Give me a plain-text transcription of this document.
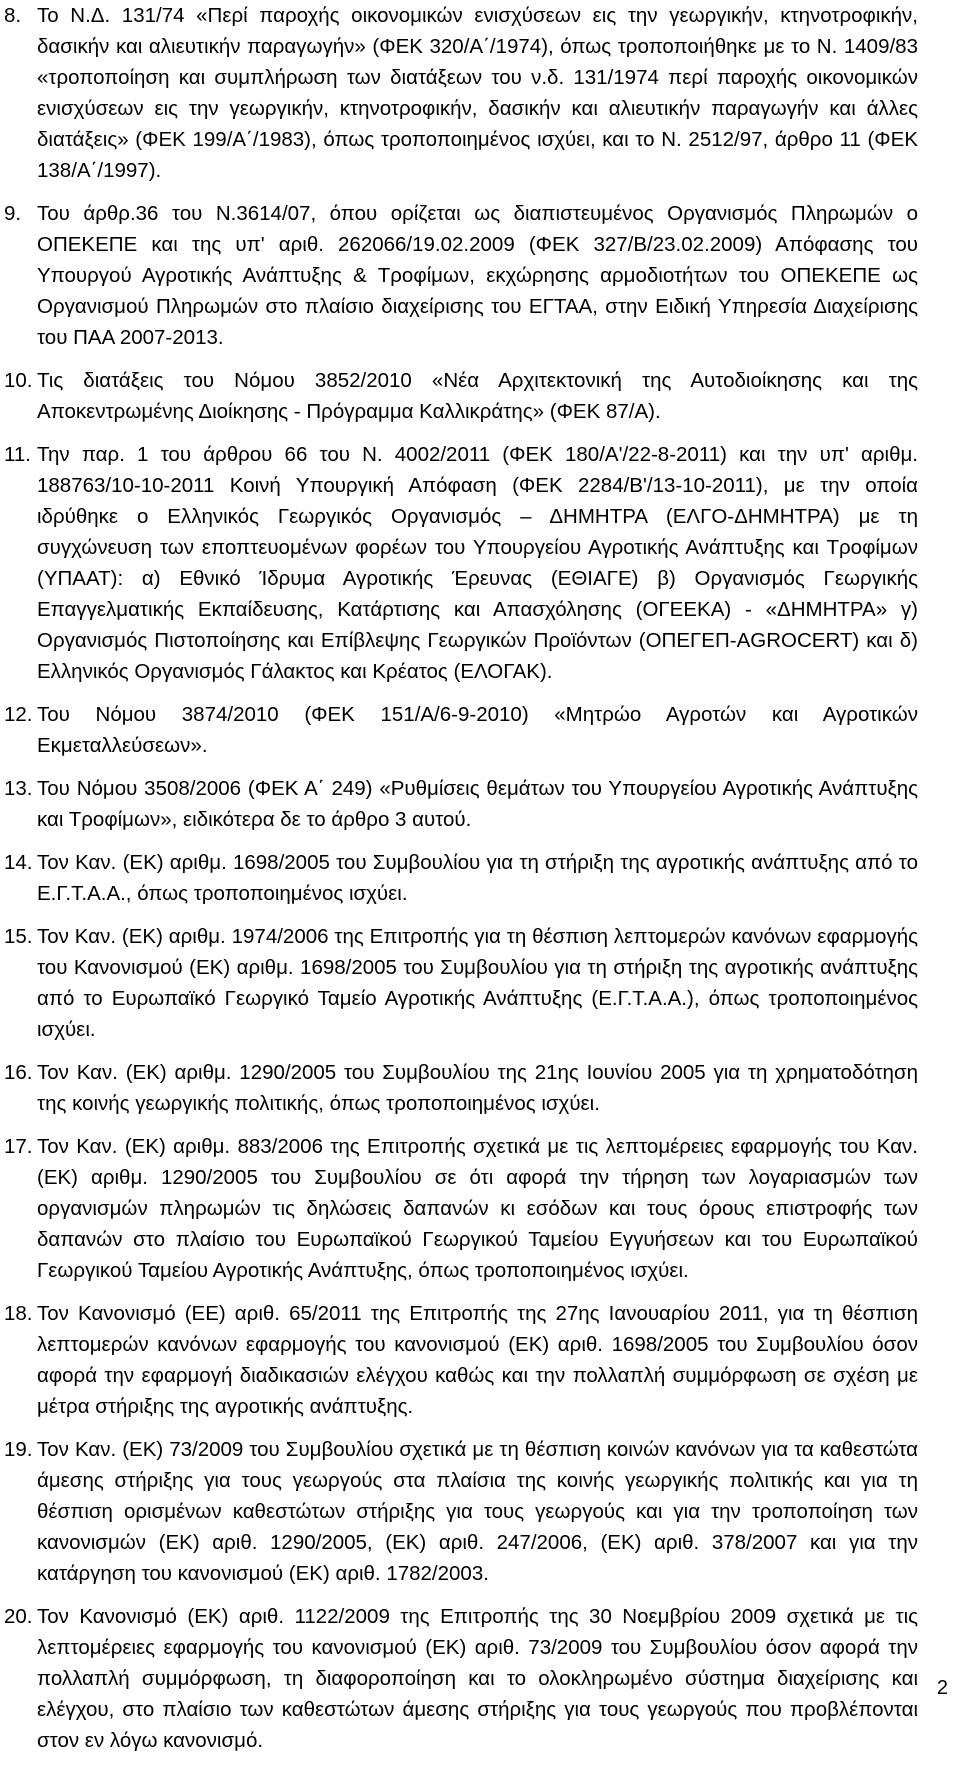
8. Το Ν.Δ. 131/74 «Περί παροχής οικονομικών ενισχύσεων εις την γεωργικήν, κτηνοτροφικήν, δασικήν και αλιευτικήν παραγωγήν» (ΦΕΚ 320/Α΄/1974), όπως τροποποιήθηκε με το Ν. 1409/83 «τροποποίηση και συμπλήρωση των διατάξεων του ν.δ. 131/1974 περί παροχής οικονομικών ενισχύσεων εις την γεωργικήν, κτηνοτροφικήν, δασικήν και αλιευτικήν παραγωγήν και άλλες διατάξεις» (ΦΕΚ 199/Α΄/1983), όπως τροποποιημένος ισχύει, και το Ν. 2512/97, άρθρο 11 (ΦΕΚ 138/Α΄/1997).
9. Του άρθρ.36 του Ν.3614/07, όπου ορίζεται ως διαπιστευμένος Οργανισμός Πληρωμών ο ΟΠΕΚΕΠΕ και της υπ' αριθ. 262066/19.02.2009 (ΦΕΚ 327/Β/23.02.2009) Απόφασης του Υπουργού Αγροτικής Ανάπτυξης & Τροφίμων, εκχώρησης αρμοδιοτήτων του ΟΠΕΚΕΠΕ ως Οργανισμού Πληρωμών στο πλαίσιο διαχείρισης του ΕΓΤΑΑ, στην Ειδική Υπηρεσία Διαχείρισης του ΠΑΑ 2007-2013.
10. Τις διατάξεις του Νόμου 3852/2010 «Νέα Αρχιτεκτονική της Αυτοδιοίκησης και της Αποκεντρωμένης Διοίκησης - Πρόγραμμα Καλλικράτης» (ΦΕΚ 87/Α).
11. Την παρ. 1 του άρθρου 66 του Ν. 4002/2011 (ΦΕΚ 180/Α'/22-8-2011) και την υπ' αριθμ. 188763/10-10-2011 Κοινή Υπουργική Απόφαση (ΦΕΚ 2284/Β'/13-10-2011), με την οποία ιδρύθηκε ο Ελληνικός Γεωργικός Οργανισμός – ΔΗΜΗΤΡΑ (ΕΛΓΟ-ΔΗΜΗΤΡΑ) με τη συγχώνευση των εποπτευομένων φορέων του Υπουργείου Αγροτικής Ανάπτυξης και Τροφίμων (ΥΠΑΑΤ): α) Εθνικό Ίδρυμα Αγροτικής Έρευνας (ΕΘΙΑΓΕ) β) Οργανισμός Γεωργικής Επαγγελματικής Εκπαίδευσης, Κατάρτισης και Απασχόλησης (ΟΓΕΕΚΑ) - «ΔΗΜΗΤΡΑ» γ) Οργανισμός Πιστοποίησης και Επίβλεψης Γεωργικών Προϊόντων (ΟΠΕΓΕΠ-AGROCERT) και δ) Ελληνικός Οργανισμός Γάλακτος και Κρέατος (ΕΛΟΓΑΚ).
12. Του Νόμου 3874/2010 (ΦΕΚ 151/Α/6-9-2010) «Μητρώο Αγροτών και Αγροτικών Εκμεταλλεύσεων».
13. Του Νόμου 3508/2006 (ΦΕΚ Α΄ 249) «Ρυθμίσεις θεμάτων του Υπουργείου Αγροτικής Ανάπτυξης και Τροφίμων», ειδικότερα δε το άρθρο 3 αυτού.
14. Τον Καν. (ΕΚ) αριθμ. 1698/2005 του Συμβουλίου για τη στήριξη της αγροτικής ανάπτυξης από το Ε.Γ.Τ.Α.Α., όπως τροποποιημένος ισχύει.
15. Τον Καν. (ΕΚ) αριθμ. 1974/2006 της Επιτροπής για τη θέσπιση λεπτομερών κανόνων εφαρμογής του Κανονισμού (ΕΚ) αριθμ. 1698/2005 του Συμβουλίου για τη στήριξη της αγροτικής ανάπτυξης από το Ευρωπαϊκό Γεωργικό Ταμείο Αγροτικής Ανάπτυξης (Ε.Γ.Τ.Α.Α.), όπως τροποποιημένος ισχύει.
16. Τον Καν. (ΕΚ) αριθμ. 1290/2005 του Συμβουλίου της 21ης Ιουνίου 2005 για τη χρηματοδότηση της κοινής γεωργικής πολιτικής, όπως τροποποιημένος ισχύει.
17. Τον Καν. (ΕΚ) αριθμ. 883/2006 της Επιτροπής σχετικά με τις λεπτομέρειες εφαρμογής του Καν. (ΕΚ) αριθμ. 1290/2005 του Συμβουλίου σε ότι αφορά την τήρηση των λογαριασμών των οργανισμών πληρωμών τις δηλώσεις δαπανών κι εσόδων και τους όρους επιστροφής των δαπανών στο πλαίσιο του Ευρωπαϊκού Γεωργικού Ταμείου Εγγυήσεων και του Ευρωπαϊκού Γεωργικού Ταμείου Αγροτικής Ανάπτυξης, όπως τροποποιημένος ισχύει.
18. Τον Κανονισμό (ΕΕ) αριθ. 65/2011 της Επιτροπής της 27ης Ιανουαρίου 2011, για τη θέσπιση λεπτομερών κανόνων εφαρμογής του κανονισμού (ΕΚ) αριθ. 1698/2005 του Συμβουλίου όσον αφορά την εφαρμογή διαδικασιών ελέγχου καθώς και την πολλαπλή συμμόρφωση σε σχέση με μέτρα στήριξης της αγροτικής ανάπτυξης.
19. Τον Καν. (ΕΚ) 73/2009 του Συμβουλίου σχετικά με τη θέσπιση κοινών κανόνων για τα καθεστώτα άμεσης στήριξης για τους γεωργούς στα πλαίσια της κοινής γεωργικής πολιτικής και για τη θέσπιση ορισμένων καθεστώτων στήριξης για τους γεωργούς και για την τροποποίηση των κανονισμών (ΕΚ) αριθ. 1290/2005, (ΕΚ) αριθ. 247/2006, (ΕΚ) αριθ. 378/2007 και για την κατάργηση του κανονισμού (ΕΚ) αριθ. 1782/2003.
20. Τον Κανονισμό (ΕΚ) αριθ. 1122/2009 της Επιτροπής της 30 Νοεμβρίου 2009 σχετικά με τις λεπτομέρειες εφαρμογής του κανονισμού (ΕΚ) αριθ. 73/2009 του Συμβουλίου όσον αφορά την πολλαπλή συμμόρφωση, τη διαφοροποίηση και το ολοκληρωμένο σύστημα διαχείρισης και ελέγχου, στο πλαίσιο των καθεστώτων άμεσης στήριξης για τους γεωργούς που προβλέπονται στον εν λόγω κανονισμό.
2
